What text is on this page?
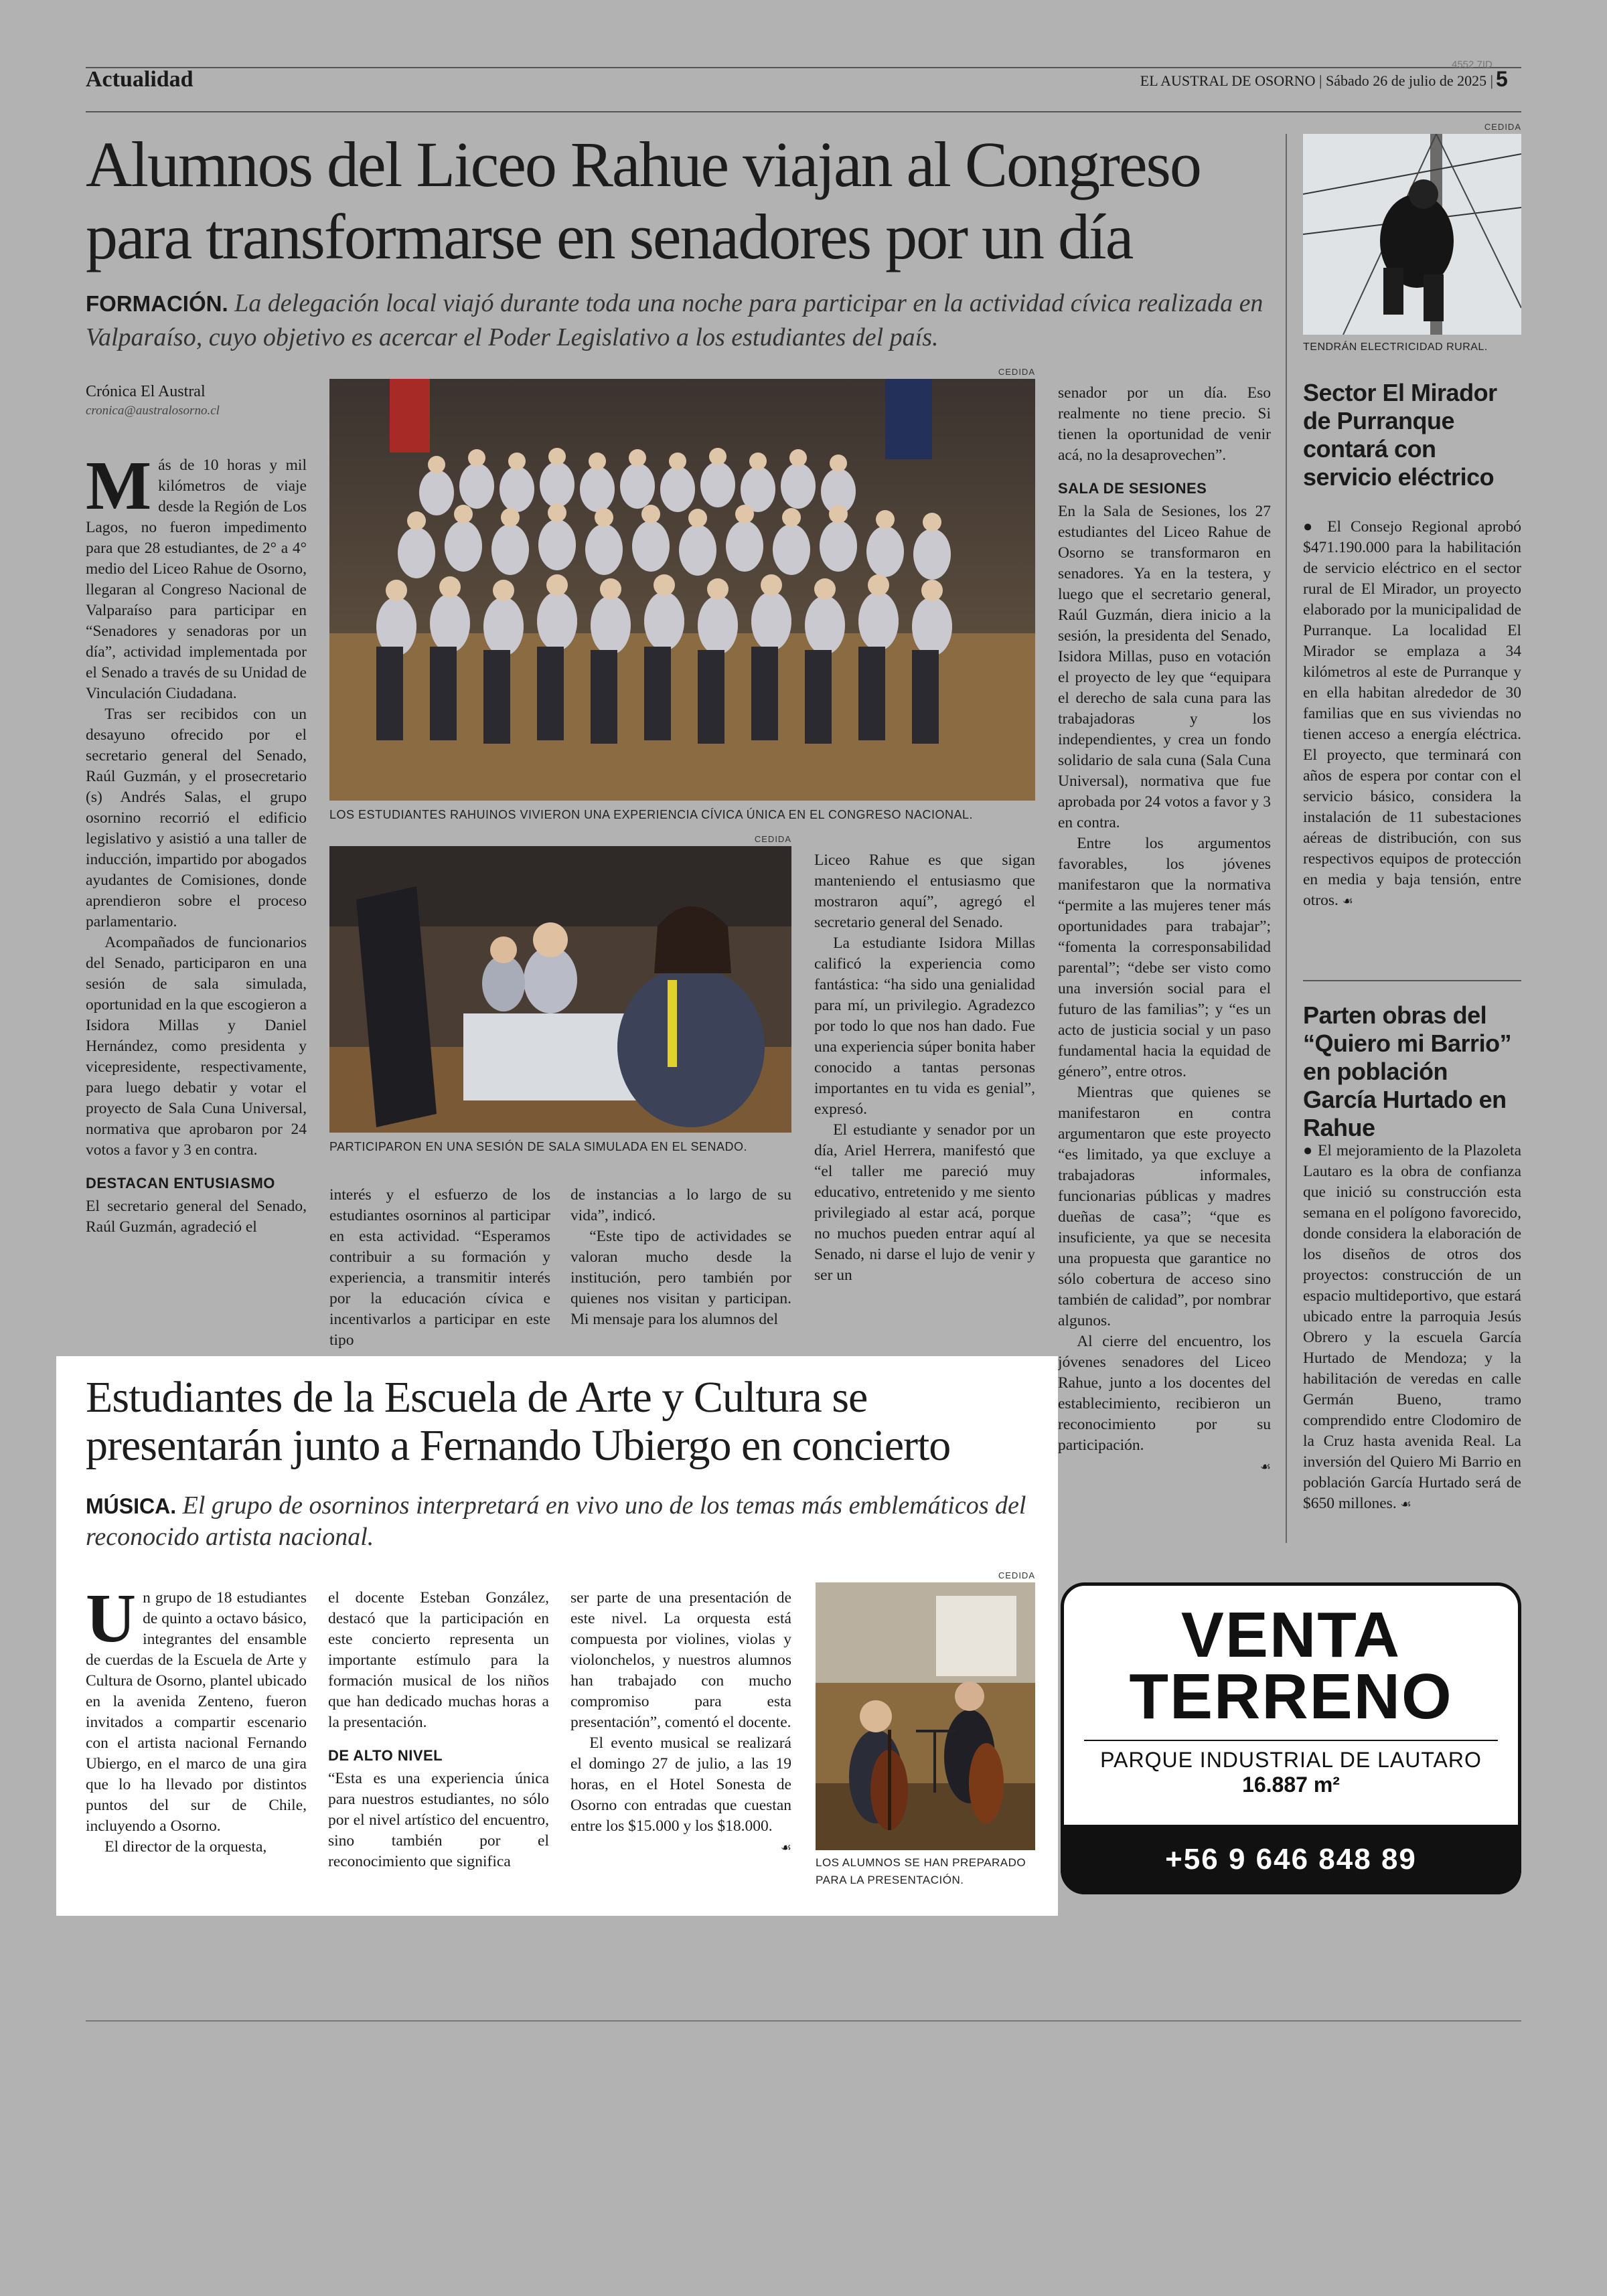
Actualidad	EL AUSTRAL DE OSORNO | Sábado 26 de julio de 2025 | 5
4552 7ID
Alumnos del Liceo Rahue viajan al Congreso
para transformarse en senadores por un día
FORMACIÓN. La delegación local viajó durante toda una noche para participar en la actividad cívica realizada en Valparaíso, cuyo objetivo es acercar el Poder Legislativo a los estudiantes del país.
Crónica El Austral
cronica@australosorno.cl

Más de 10 horas y mil kilómetros de viaje desde la Región de Los Lagos, no fueron impedimento para que 28 estudiantes, de 2° a 4° medio del Liceo Rahue de Osorno, llegaran al Congreso Nacional de Valparaíso para participar en “Senadores y senadoras por un día”, actividad implementada por el Senado a través de su Unidad de Vinculación Ciudadana.

Tras ser recibidos con un desayuno ofrecido por el secretario general del Senado, Raúl Guzmán, y el prosecretario (s) Andrés Salas, el grupo osornino recorrió el edificio legislativo y asistió a una taller de inducción, impartido por abogados ayudantes de Comisiones, donde aprendieron sobre el proceso parlamentario.

Acompañados de funcionarios del Senado, participaron en una sesión de sala simulada, oportunidad en la que escogieron a Isidora Millas y Daniel Hernández, como presidenta y vicepresidente, respectivamente, para luego debatir y votar el proyecto de Sala Cuna Universal, normativa que aprobaron por 24 votos a favor y 3 en contra.

DESTACAN ENTUSIASMO

El secretario general del Senado, Raúl Guzmán, agradeció el

CEDIDA
LOS ESTUDIANTES RAHUINOS VIVIERON UNA EXPERIENCIA CÍVICA ÚNICA EN EL CONGRESO NACIONAL.
CEDIDA
PARTICIPARON EN UNA SESIÓN DE SALA SIMULADA EN EL SENADO.

interés y el esfuerzo de los estudiantes osorninos al participar en esta actividad. “Esperamos contribuir a su formación y experiencia, a transmitir interés por la educación cívica e incentivarlos a participar en este tipo

de instancias a lo largo de su vida”, indicó.

“Este tipo de actividades se valoran mucho desde la institución, pero también por quienes nos visitan y participan. Mi mensaje para los alumnos del

Liceo Rahue es que sigan manteniendo el entusiasmo que mostraron aquí”, agregó el secretario general del Senado.

La estudiante Isidora Millas calificó la experiencia como fantástica: “ha sido una genialidad para mí, un privilegio. Agradezco por todo lo que nos han dado. Fue una experiencia súper bonita haber conocido a tantas personas importantes en tu vida es genial”, expresó.

El estudiante y senador por un día, Ariel Herrera, manifestó que “el taller me pareció muy educativo, entretenido y me siento privilegiado al estar acá, porque no muchos pueden entrar aquí al Senado, ni darse el lujo de venir y ser un

senador por un día. Eso realmente no tiene precio. Si tienen la oportunidad de venir acá, no la desaprovechen”.

SALA DE SESIONES

En la Sala de Sesiones, los 27 estudiantes del Liceo Rahue de Osorno se transformaron en senadores. Ya en la testera, y luego que el secretario general, Raúl Guzmán, diera inicio a la sesión, la presidenta del Senado, Isidora Millas, puso en votación el proyecto de ley que “equipara el derecho de sala cuna para las trabajadoras y los independientes, y crea un fondo solidario de sala cuna (Sala Cuna Universal), normativa que fue aprobada por 24 votos a favor y 3 en contra.

Entre los argumentos favorables, los jóvenes manifestaron que la normativa “permite a las mujeres tener más oportunidades para trabajar”; “fomenta la corresponsabilidad parental”; “debe ser visto como una inversión social para el futuro de las familias”; y “es un acto de justicia social y un paso fundamental hacia la equidad de género”, entre otros.

Mientras que quienes se manifestaron en contra argumentaron que este proyecto “es limitado, ya que excluye a trabajadoras informales, funcionarias públicas y madres dueñas de casa”; “que es insuficiente, ya que se necesita una propuesta que garantice no sólo cobertura de acceso sino también de calidad”, por nombrar algunos.

Al cierre del encuentro, los jóvenes senadores del Liceo Rahue, junto a los docentes del establecimiento, recibieron un reconocimiento por su participación.

☙
CEDIDA
TENDRÁN ELECTRICIDAD RURAL.
Sector El Mirador de Purranque contará con servicio eléctrico

● El Consejo Regional aprobó $471.190.000 para la habilitación de servicio eléctrico en el sector rural de El Mirador, un proyecto elaborado por la municipalidad de Purranque. La localidad El Mirador se emplaza a 34 kilómetros al este de Purranque y en ella habitan alrededor de 30 familias que en sus viviendas no tienen acceso a energía eléctrica. El proyecto, que terminará con años de espera por contar con el servicio básico, considera la instalación de 11 subestaciones aéreas de distribución, con sus respectivos equipos de protección en media y baja tensión, entre otros. ☙

Parten obras del “Quiero mi Barrio” en población García Hurtado en Rahue

● El mejoramiento de la Plazoleta Lautaro es la obra de confianza que inició su construcción esta semana en el polígono favorecido, donde considera la elaboración de los diseños de otros dos proyectos: construcción de un espacio multideportivo, que estará ubicado entre la parroquia Jesús Obrero y la escuela García Hurtado de Mendoza; y la habilitación de veredas en calle Germán Bueno, tramo comprendido entre Clodomiro de la Cruz hasta avenida Real. La inversión del Quiero Mi Barrio en población García Hurtado será de $650 millones. ☙

Estudiantes de la Escuela de Arte y Cultura se
presentarán junto a Fernando Ubiergo en concierto
MÚSICA. El grupo de osorninos interpretará en vivo uno de los temas más emblemáticos del reconocido artista nacional.

Un grupo de 18 estudiantes de quinto a octavo básico, integrantes del ensamble de cuerdas de la Escuela de Arte y Cultura de Osorno, plantel ubicado en la avenida Zenteno, fueron invitados a compartir escenario con el artista nacional Fernando Ubiergo, en el marco de una gira que lo ha llevado por distintos puntos del sur de Chile, incluyendo a Osorno.

El director de la orquesta,

el docente Esteban González, destacó que la participación en este concierto representa un importante estímulo para la formación musical de los niños que han dedicado muchas horas a la presentación.

DE ALTO NIVEL

“Esta es una experiencia única para nuestros estudiantes, no sólo por el nivel artístico del encuentro, sino también por el reconocimiento que significa

ser parte de una presentación de este nivel. La orquesta está compuesta por violines, violas y violonchelos, y nuestros alumnos han trabajado con mucho compromiso para esta presentación”, comentó el docente.

El evento musical se realizará el domingo 27 de julio, a las 19 horas, en el Hotel Sonesta de Osorno con entradas que cuestan entre los $15.000 y los $18.000.

☙
CEDIDA
LOS ALUMNOS SE HAN PREPARADO PARA LA PRESENTACIÓN.
VENTA
TERRENO
PARQUE INDUSTRIAL DE LAUTARO
16.887 m²
+56 9 646 848 89
